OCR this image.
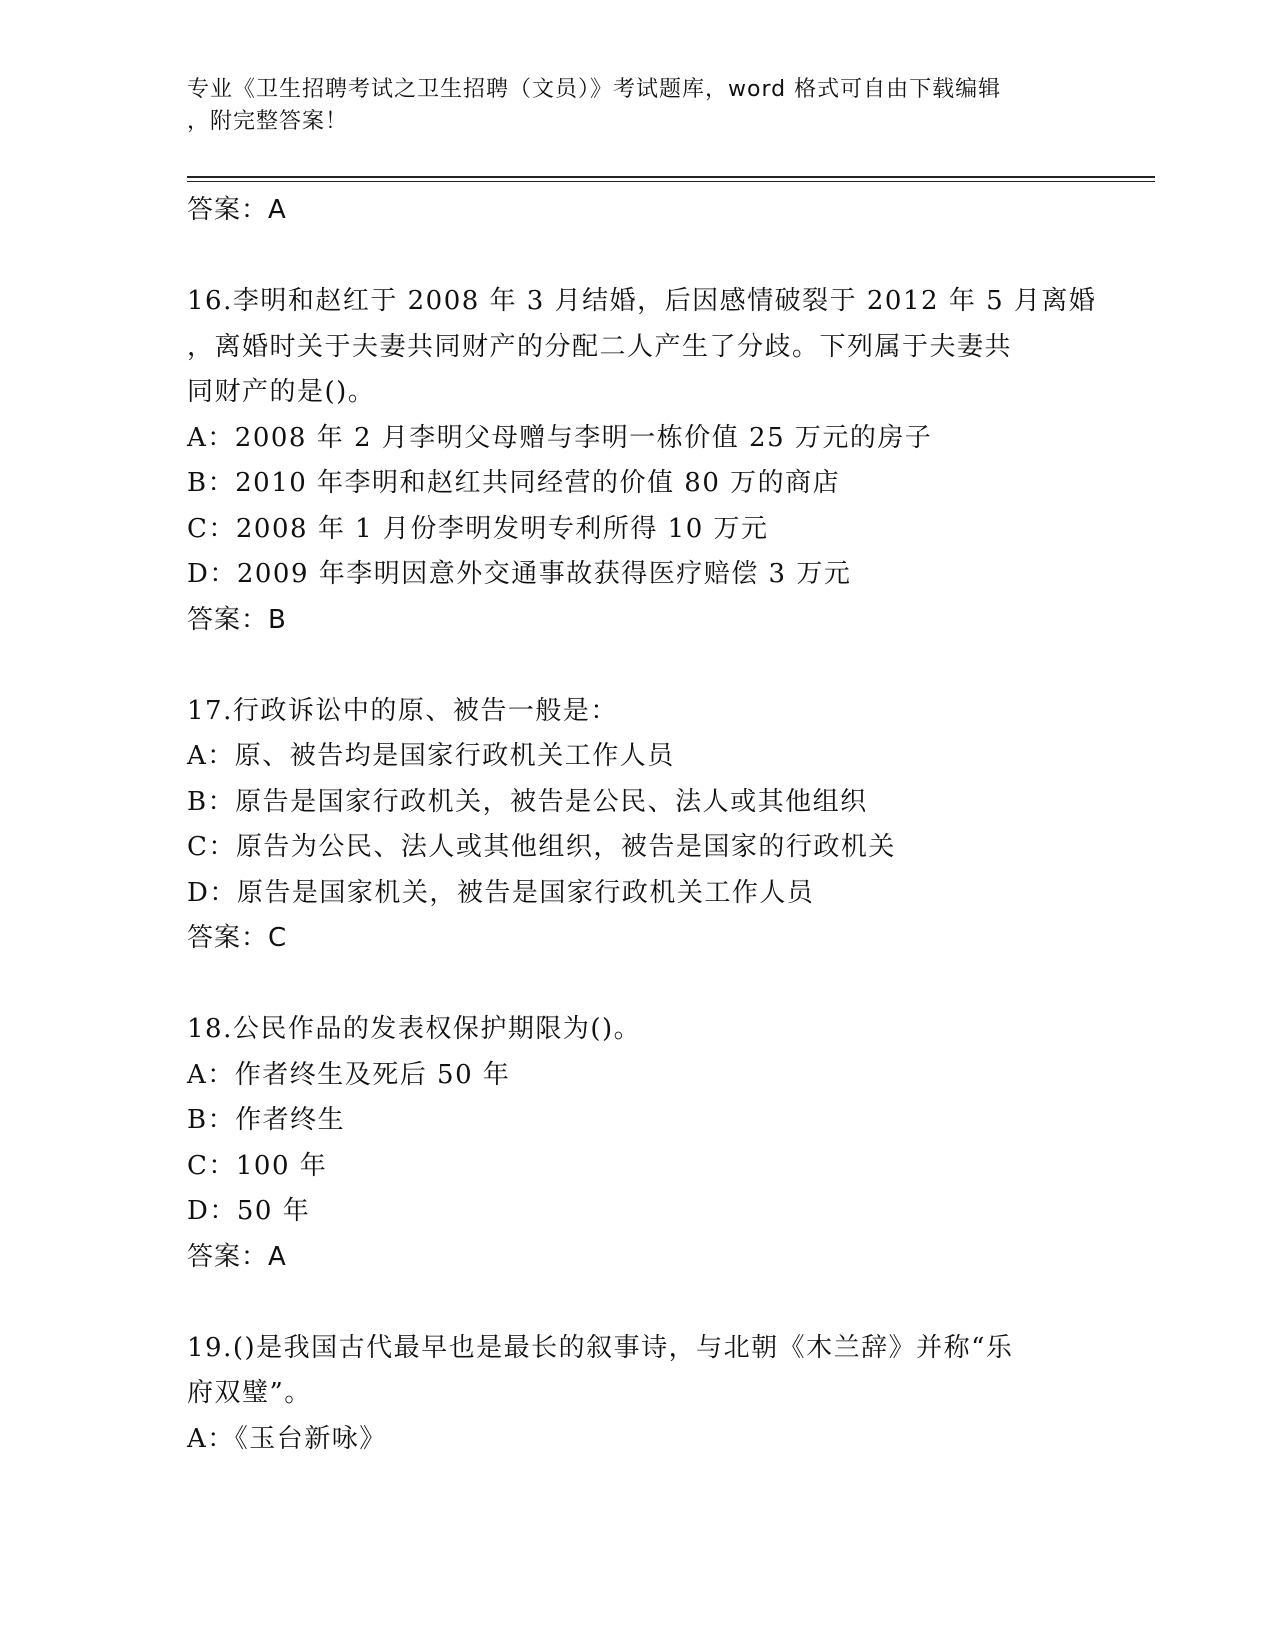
专业《卫生招聘考试之卫生招聘（文员）》考试题库，word 格式可自由下载编辑
，附完整答案！
答案：A
16.李明和赵红于 2008 年 3 月结婚，后因感情破裂于 2012 年 5 月离婚
，离婚时关于夫妻共同财产的分配二人产生了分歧。下列属于夫妻共
同财产的是()。
A：2008 年 2 月李明父母赠与李明一栋价值 25 万元的房子
B：2010 年李明和赵红共同经营的价值 80 万的商店
C：2008 年 1 月份李明发明专利所得 10 万元
D：2009 年李明因意外交通事故获得医疗赔偿 3 万元
答案：B
17.行政诉讼中的原、被告一般是：
A：原、被告均是国家行政机关工作人员
B：原告是国家行政机关，被告是公民、法人或其他组织
C：原告为公民、法人或其他组织，被告是国家的行政机关
D：原告是国家机关，被告是国家行政机关工作人员
答案：C
18.公民作品的发表权保护期限为()。
A：作者终生及死后 50 年
B：作者终生
C：100 年
D：50 年
答案：A
19.()是我国古代最早也是最长的叙事诗，与北朝《木兰辞》并称“乐
府双璧”。
A：《玉台新咏》
